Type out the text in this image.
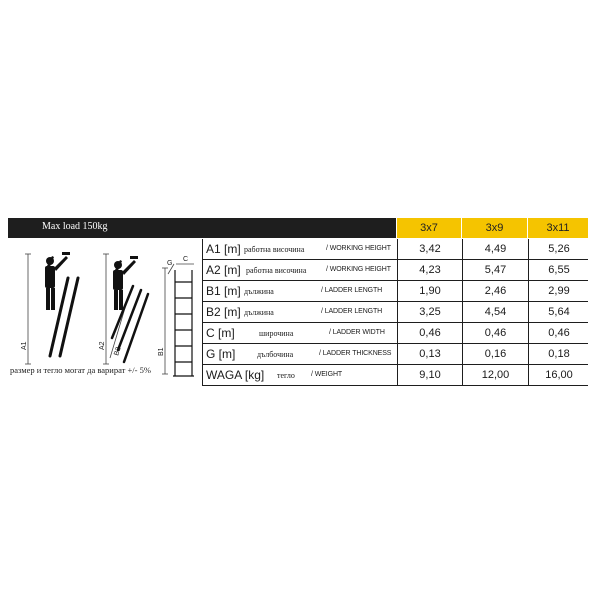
Max load 150kg	3x7	3x9	3x11
A1	A2
B2
G
C
B1
размер и тегло могат да варират +/- 5%
A1 [m] работна височина	/ WORKING HEIGHT	3,42	4,49	5,26
A2 [m] работна височина	/ WORKING HEIGHT	4,23	5,47	6,55
B1 [m] дължина	/ LADDER LENGTH	1,90	2,46	2,99
B2 [m] дължина	/ LADDER LENGTH	3,25	4,54	5,64
C [m]	широчина	/ LADDER WIDTH	0,46	0,46	0,46
G [m]	дълбочина	/ LADDER THICKNESS	0,13	0,16	0,18
WAGA [kg] тегло / WEIGHT	9,10	12,00	16,00
